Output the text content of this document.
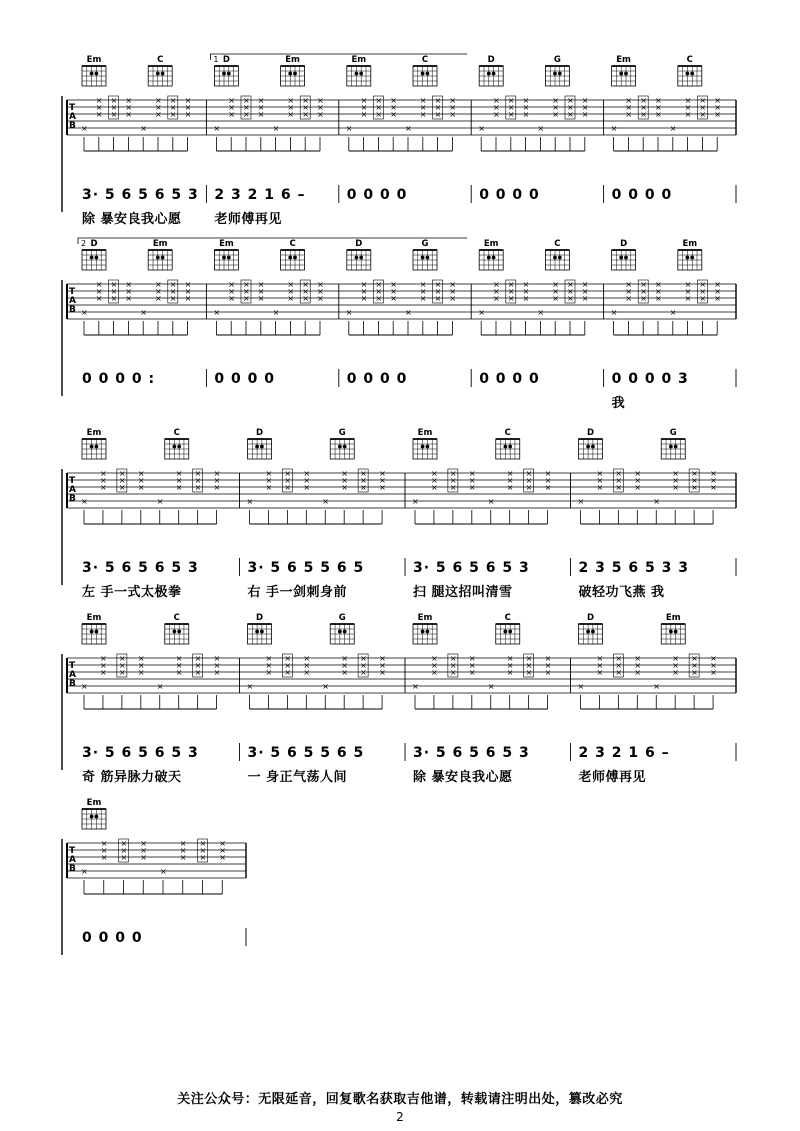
T
A
B
Em	C
×
×
×
×
×
×
×
×
×
×
×
×
×
×
×
×
×
×
×
×
3· 5 6 5 6 5 3
除 暴安良我心愿
D	Em
×
×
×
×
×
×
×
×
×
×
×
×
×
×
×
×
×
×
×
×
2 3 2 1 6 –
老师傅再见
Em	C
×
×
×
×
×
×
×
×
×
×
×
×
×
×
×
×
×
×
×
×
0 0 0 0
D	G
×
×
×
×
×
×
×
×
×
×
×
×
×
×
×
×
×
×
×
×
0 0 0 0
Em	C
×
×
×
×
×
×
×
×
×
×
×
×
×
×
×
×
×
×
×
×
0 0 0 0
1
T
A
B
D	Em
×
×
×
×
×
×
×
×
×
×
×
×
×
×
×
×
×
×
×
×
0 0 0 0 :
Em	C
×
×
×
×
×
×
×
×
×
×
×
×
×
×
×
×
×
×
×
×
0 0 0 0
D	G
×
×
×
×
×
×
×
×
×
×
×
×
×
×
×
×
×
×
×
×
0 0 0 0
Em	C
×
×
×
×
×
×
×
×
×
×
×
×
×
×
×
×
×
×
×
×
0 0 0 0
D	Em
×
×
×
×
×
×
×
×
×
×
×
×
×
×
×
×
×
×
×
×
0 0 0 0 3
我
2
T
A
B
Em	C
×
×
×
×
×
×
×
×
×
×
×
×
×
×
×
×
×
×
×
×
3· 5 6 5 6 5 3
左 手一式太极拳
D	G
×
×
×
×
×
×
×
×
×
×
×
×
×
×
×
×
×
×
×
×
3· 5 6 5 5 6 5
右 手一剑刺身前
Em	C
×
×
×
×
×
×
×
×
×
×
×
×
×
×
×
×
×
×
×
×
3· 5 6 5 6 5 3
扫 腿这招叫清雪
D	G
×
×
×
×
×
×
×
×
×
×
×
×
×
×
×
×
×
×
×
×
2 3 5 6 5 3 3
破轻功飞燕 我
T
A
B
Em	C
×
×
×
×
×
×
×
×
×
×
×
×
×
×
×
×
×
×
×
×
3· 5 6 5 6 5 3
奇 筋异脉力破天
D	G
×
×
×
×
×
×
×
×
×
×
×
×
×
×
×
×
×
×
×
×
3· 5 6 5 5 6 5
一 身正气荡人间
Em	C
×
×
×
×
×
×
×
×
×
×
×
×
×
×
×
×
×
×
×
×
3· 5 6 5 6 5 3
除 暴安良我心愿
D	Em
×
×
×
×
×
×
×
×
×
×
×
×
×
×
×
×
×
×
×
×
2 3 2 1 6 –
老师傅再见
T
A
B
Em
×
×
×
×
×
×
×
×
×
×
×
×
×
×
×
×
×
×
×
×
0 0 0 0
关注公众号：无限延音，回复歌名获取吉他谱，转载请注明出处，篡改必究
2
